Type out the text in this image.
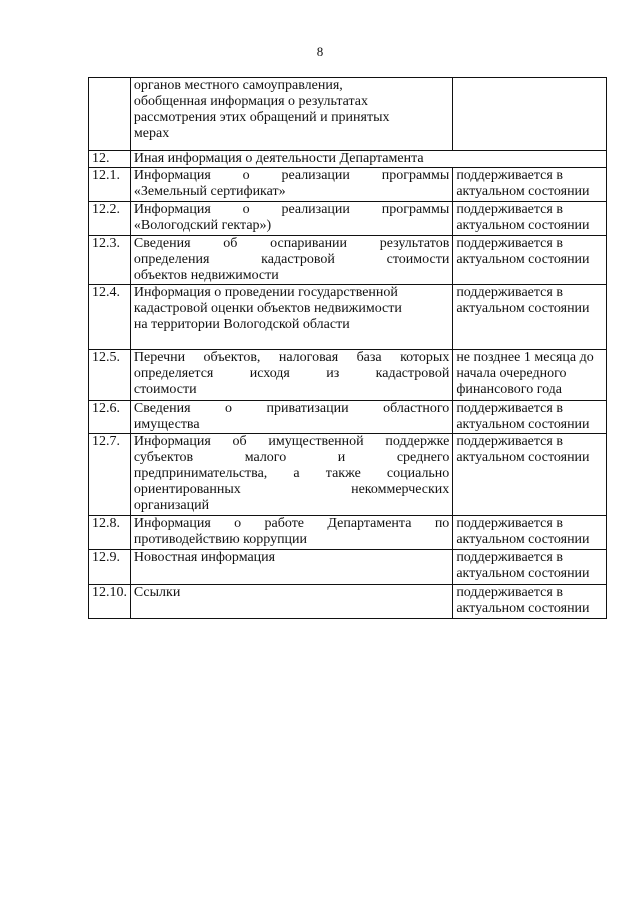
8

	органов местного самоуправления,
обобщенная информация о результатах
рассмотрения этих обращений и принятых
мерах	

12.	Иная информация о деятельности Департамента	
12.1.	Информация о реализации программы
«Земельный сертификат»	поддерживается в
актуальном состоянии

12.2.	Информация о реализации программы
«Вологодский гектар»)	поддерживается в
актуальном состоянии

12.3.	Сведения об оспаривании результатов
определения кадастровой стоимости
объектов недвижимости	поддерживается в
актуальном состоянии

12.4.	Информация о проведении государственной
кадастровой оценки объектов недвижимости
на территории Вологодской области	поддерживается в
актуальном состоянии

12.5.	Перечни объектов, налоговая база которых
определяется исходя из кадастровой
стоимости	не позднее 1 месяца до
начала очередного
финансового года

12.6.	Сведения о приватизации областного
имущества	поддерживается в
актуальном состоянии

12.7.	Информация об имущественной поддержке
субъектов малого и среднего
предпринимательства, а также социально
ориентированных некоммерческих
организаций	поддерживается в
актуальном состоянии

12.8.	Информация о работе Департамента по
противодействию коррупции	поддерживается в
актуальном состоянии

12.9.	Новостная информация	поддерживается в
актуальном состоянии

12.10.	Ссылки	поддерживается в
актуальном состоянии
